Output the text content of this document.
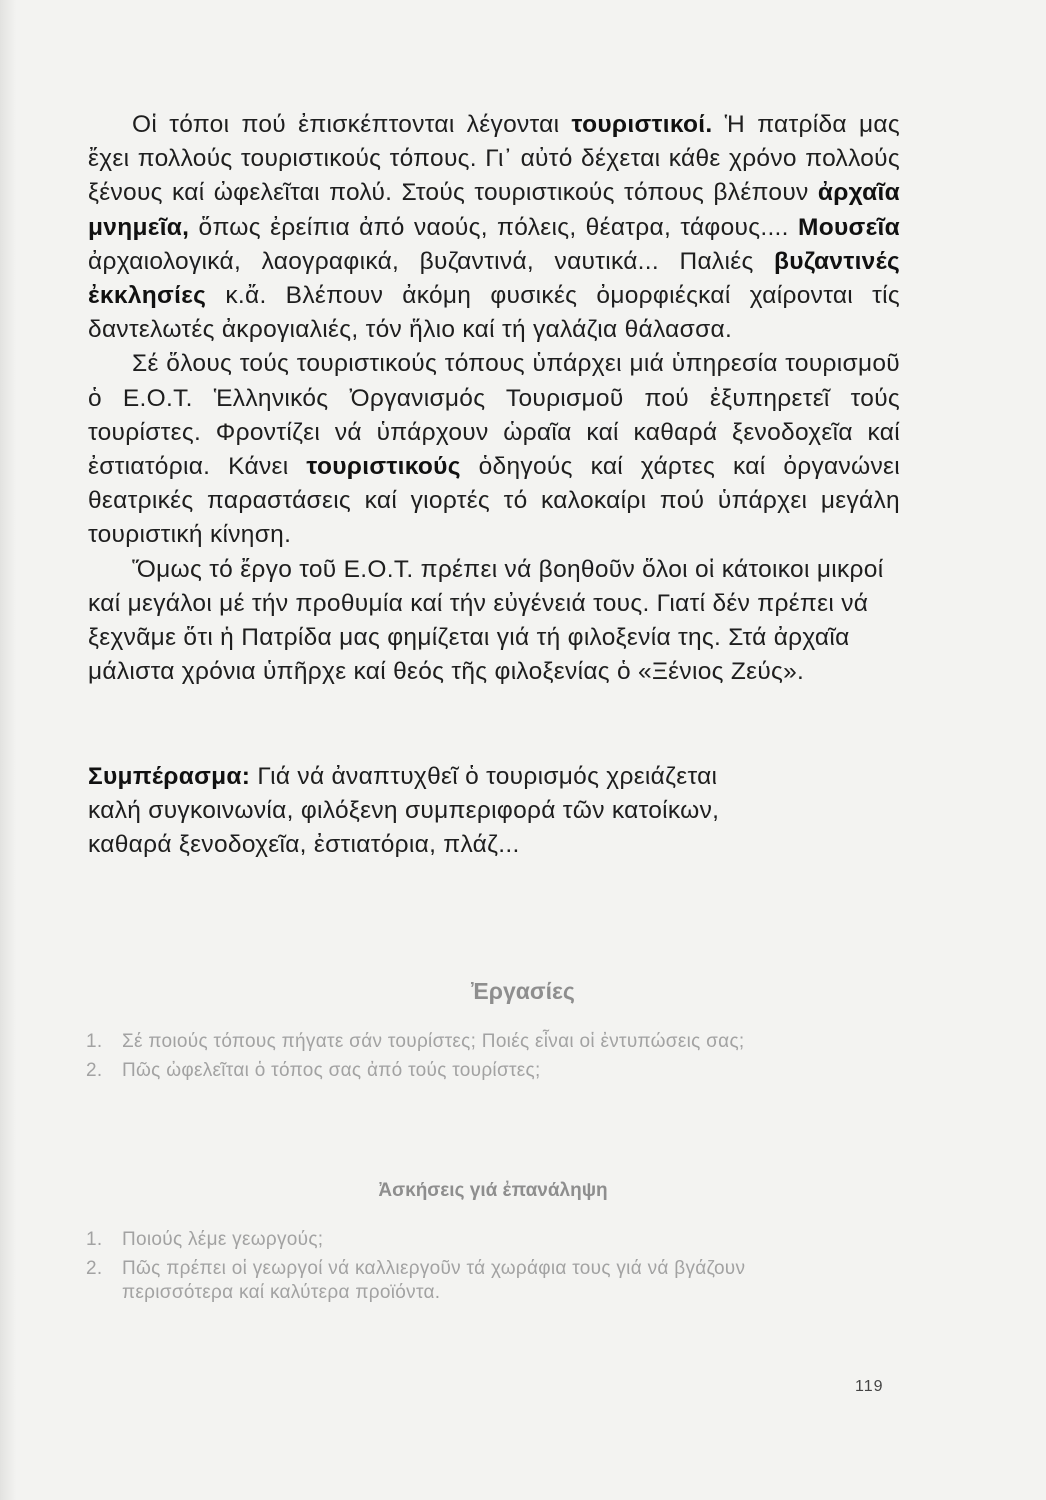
Οἱ τόποι πού ἐπισκέπτονται λέγονται τουριστικοί. Ἡ πατρίδα μας ἔχει πολλούς τουριστικούς τόπους. Γι᾽ αὐτό δέχεται κάθε χρόνο πολλούς ξένους καί ὠφελεῖται πολύ. Στούς τουριστικούς τόπους βλέπουν ἀρχαῖα μνημεῖα, ὅπως ἐρείπια ἀπό ναούς, πόλεις, θέατρα, τάφους.... Μουσεῖα ἀρχαιολογικά, λαογραφικά, βυζαντινά, ναυτικά... Παλιές βυζαντινές ἐκκλησίες κ.ἄ. Βλέπουν ἀκόμη φυσικές ὀμορφιέςκαί χαίρονται τίς δαντελωτές ἀκρογιαλιές, τόν ἥλιο καί τή γαλάζια θάλασσα.

Σέ ὅλους τούς τουριστικούς τόπους ὑπάρχει μιά ὑπηρεσία τουρισμοῦ ὁ Ε.Ο.Τ. Ἑλληνικός Ὀργανισμός Τουρισμοῦ πού ἐξυπηρετεῖ τούς τουρίστες. Φροντίζει νά ὑπάρχουν ὡραῖα καί καθαρά ξενοδοχεῖα καί ἐστιατόρια. Κάνει τουριστικούς ὁδηγούς καί χάρτες καί ὀργανώνει θεατρικές παραστάσεις καί γιορτές τό καλοκαίρι πού ὑπάρχει μεγάλη τουριστική κίνηση.

Ὅμως τό ἔργο τοῦ Ε.Ο.Τ. πρέπει νά βοηθοῦν ὅλοι οἱ κάτοικοι μικροί καί μεγάλοι μέ τήν προθυμία καί τήν εὐγένειά τους. Γιατί δέν πρέπει νά ξεχνᾶμε ὅτι ἡ Πατρίδα μας φημίζεται γιά τή φιλοξενία της. Στά ἀρχαῖα μάλιστα χρόνια ὑπῆρχε καί θεός τῆς φιλοξενίας ὁ «Ξένιος Ζεύς».

Συμπέρασμα: Γιά νά ἀναπτυχθεῖ ὁ τουρισμός χρειάζεται

καλή συγκοινωνία, φιλόξενη συμπεριφορά τῶν κατοίκων,

καθαρά ξενοδοχεῖα, ἐστιατόρια, πλάζ...

Ἐργασίες
1. Σέ ποιούς τόπους πήγατε σάν τουρίστες; Ποιές εἶναι οἱ ἐντυπώσεις σας;
2. Πῶς ὠφελεῖται ὁ τόπος σας ἀπό τούς τουρίστες;
Ἀσκήσεις γιά ἐπανάληψη
1. Ποιούς λέμε γεωργούς;
2. Πῶς πρέπει οἱ γεωργοί νά καλλιεργοῦν τά χωράφια τους γιά νά βγάζουν περισσότερα καί καλύτερα προϊόντα.
119
